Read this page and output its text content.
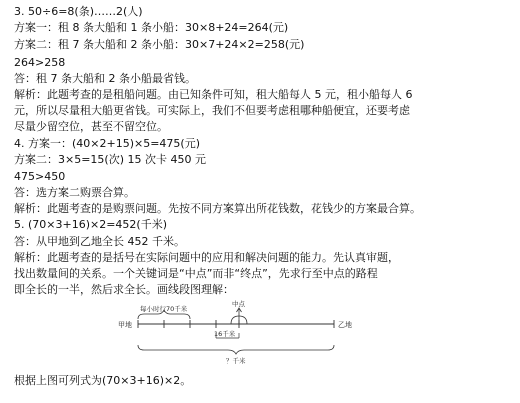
3. 50÷6=8(条)……2(人)
方案一：租 8 条大船和 1 条小船：30×8+24=264(元)
方案二：租 7 条大船和 2 条小船：30×7+24×2=258(元)
264>258
答：租 7 条大船和 2 条小船最省钱。
解析：此题考查的是租船问题。由已知条件可知，租大船每人 5 元，租小船每人 6
元，所以尽量租大船更省钱。可实际上，我们不但要考虑租哪种船便宜，还要考虑
尽量少留空位，甚至不留空位。
4. 方案一：(40×2+15)×5=475(元)
方案二：3×5=15(次) 15 次卡 450 元
475>450
答：选方案二购票合算。
解析：此题考查的是购票问题。先按不同方案算出所花钱数，花钱少的方案最合算。
5. (70×3+16)×2=452(千米)
答：从甲地到乙地全长 452 千米。
解析：此题考查的是括号在实际问题中的应用和解决问题的能力。先认真审题，
找出数量间的关系。一个关键词是“中点”而非“终点”，先求行至中点的路程
即全长的一半，然后求全长。画线段图理解：
每小时行70千米
中点
甲地	乙地
16千米
？千米
根据上图可列式为(70×3+16)×2。
